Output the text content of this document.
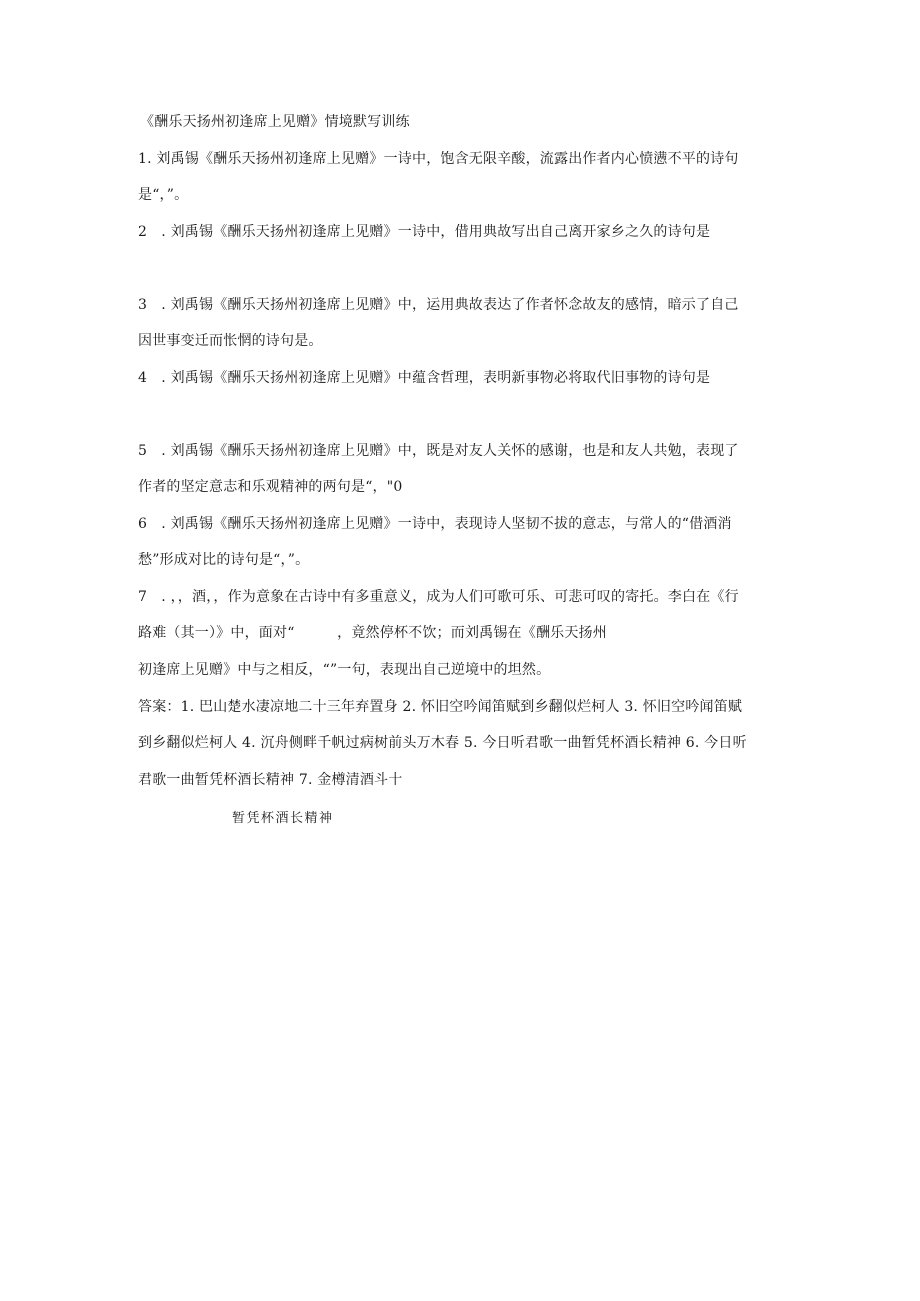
《酬乐天扬州初逢席上见赠》情境默写训练
1. 刘禹锡《酬乐天扬州初逢席上见赠》一诗中，饱含无限辛酸，流露出作者内心愤懑不平的诗句
是“，”。
2　. 刘禹锡《酬乐天扬州初逢席上见赠》一诗中，借用典故写出自己离开家乡之久的诗句是
3　. 刘禹锡《酬乐天扬州初逢席上见赠》中，运用典故表达了作者怀念故友的感情，暗示了自己
因世事变迁而怅惘的诗句是。
4　. 刘禹锡《酬乐天扬州初逢席上见赠》中蕴含哲理，表明新事物必将取代旧事物的诗句是
5　. 刘禹锡《酬乐天扬州初逢席上见赠》中，既是对友人关怀的感谢，也是和友人共勉，表现了
作者的坚定意志和乐观精神的两句是“，"0
6　. 刘禹锡《酬乐天扬州初逢席上见赠》一诗中，表现诗人坚韧不拔的意志，与常人的“借酒消
愁”形成对比的诗句是“，”。
7　. ，，酒，，作为意象在古诗中有多重意义，成为人们可歌可乐、可悲可叹的寄托。李白在《行
路难（其一）》中，面对“　　　，竟然停杯不饮；而刘禹锡在《酬乐天扬州
初逢席上见赠》中与之相反，“”一句，表现出自己逆境中的坦然。
答案：1. 巴山楚水凄凉地二十三年弃置身 2. 怀旧空吟闻笛赋到乡翻似烂柯人 3. 怀旧空吟闻笛赋
到乡翻似烂柯人 4. 沉舟侧畔千帆过病树前头万木春 5. 今日听君歌一曲暂凭杯酒长精神 6. 今日听
君歌一曲暂凭杯酒长精神 7. 金樽清酒斗十
暂凭杯酒长精神
